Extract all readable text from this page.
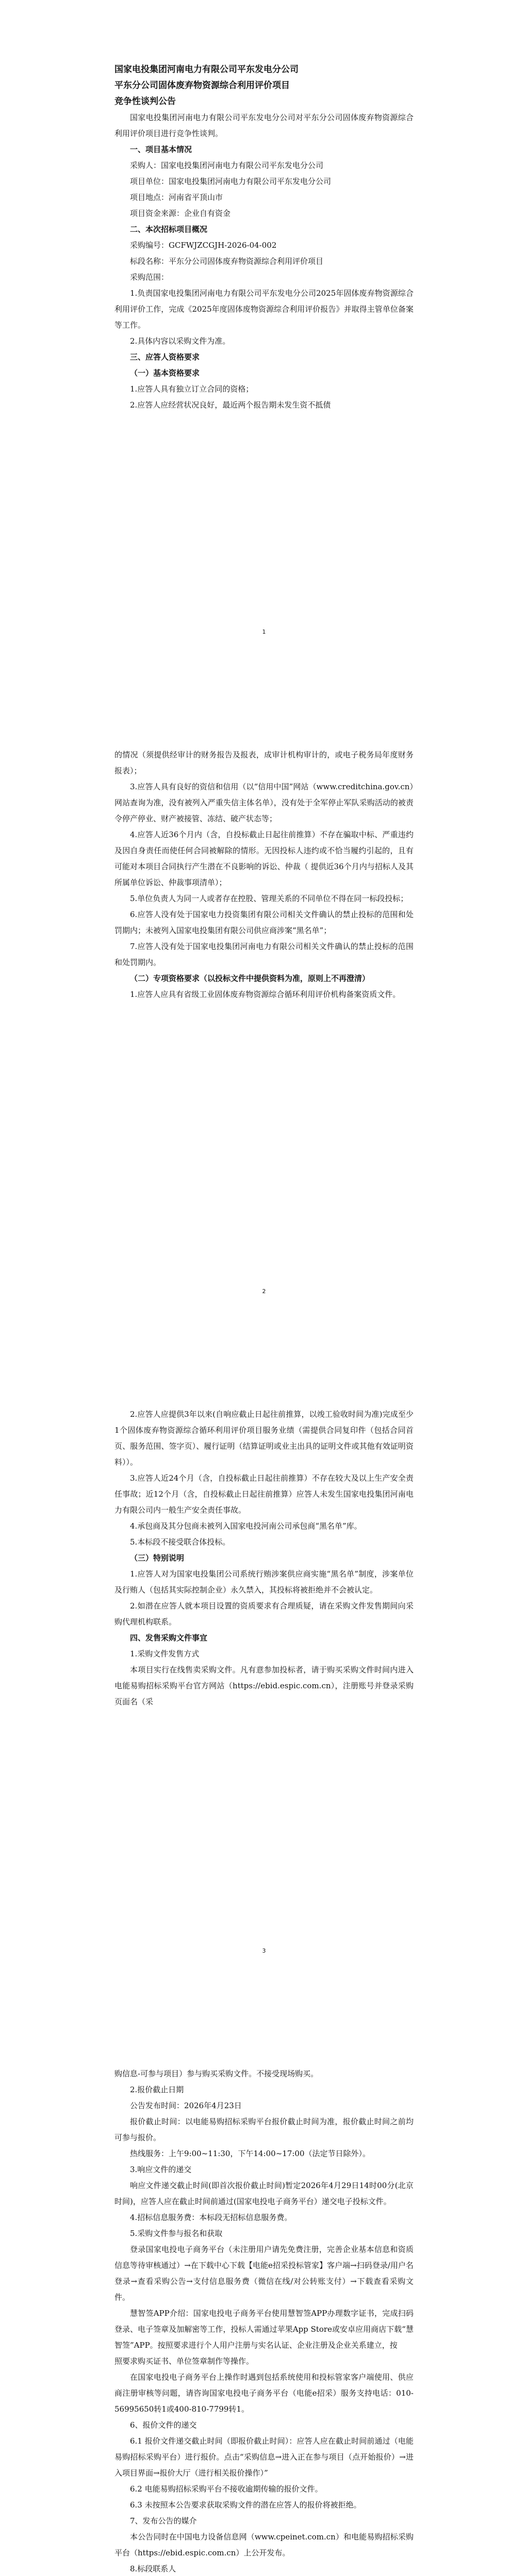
国家电投集团河南电力有限公司平东发电分公司

平东分公司固体废弃物资源综合利用评价项目

竞争性谈判公告

国家电投集团河南电力有限公司平东发电分公司对平东分公司固体废弃物资源综合利用评价项目进行竞争性谈判。

一、项目基本情况

采购人：国家电投集团河南电力有限公司平东发电分公司

项目单位：国家电投集团河南电力有限公司平东发电分公司

项目地点：河南省平顶山市

项目资金来源：企业自有资金

二、本次招标项目概况

采购编号：GCFWJZCGJH-2026-04-002

标段名称：平东分公司固体废弃物资源综合利用评价项目

采购范围：

1.负责国家电投集团河南电力有限公司平东发电分公司2025年固体废弃物资源综合利用评价工作，完成《2025年度固体废物资源综合利用评价报告》并取得主管单位备案等工作。

2.具体内容以采购文件为准。

三、应答人资格要求

（一）基本资格要求

1.应答人具有独立订立合同的资格；

2.应答人应经营状况良好，最近两个报告期未发生资不抵债

1

的情况（须提供经审计的财务报告及报表，成审计机构审计的，或电子税务局年度财务报表）；

3.应答人具有良好的资信和信用（以“信用中国”网站（www.creditchina.gov.cn）网站查询为准，没有被列入严重失信主体名单），没有处于全军停止军队采购活动的被责令停产停业、财产被接管、冻结、破产状态等；

4.应答人近36个月内（含，自投标截止日起往前推算）不存在骗取中标、严重违约及因自身责任而使任何合同被解除的情形。无因投标人违约或不恰当履约引起的，且有可能对本项目合同执行产生潜在不良影响的诉讼、仲裁（ 提供近36个月内与招标人及其所属单位诉讼、仲裁事项清单）；

5.单位负责人为同一人或者存在控股、管理关系的不同单位不得在同一标段投标；

6.应答人没有处于国家电力投资集团有限公司相关文件确认的禁止投标的范围和处罚期内；未被列入国家电投集团有限公司供应商涉案“黑名单”；

7.应答人没有处于国家电投集团河南电力有限公司相关文件确认的禁止投标的范围和处罚期内。

（二）专项资格要求（以投标文件中提供资料为准，原则上不再澄清）

1.应答人应具有省级工业固体废弃物资源综合循环利用评价机构备案资质文件。

2

2.应答人应提供3年以来(自响应截止日起往前推算，以竣工验收时间为准)完成至少1个固体废弃物资源综合循环利用评价项目服务业绩（需提供合同复印件（包括合同首页、服务范围、签字页）、履行证明（结算证明或业主出具的证明文件或其他有效证明资料））。

3.应答人近24个月（含，自投标截止日起往前推算）不存在较大及以上生产安全责任事故；近12个月（含，自投标截止日起往前推算）应答人未发生国家电投集团河南电力有限公司内一般生产安全责任事故。

4.承包商及其分包商未被列入国家电投河南公司承包商“黑名单”库。

5.本标段不接受联合体投标。

（三）特别说明

1.应答人对为国家电投集团公司系统行贿涉案供应商实施“黑名单”制度，涉案单位及行贿人（包括其实际控制企业）永久禁入，其投标将被拒绝并不会被认定。

2.如潜在应答人就本项目设置的资质要求有合理质疑，请在采购文件发售期间向采购代理机构联系。

四、发售采购文件事宜

1.采购文件发售方式

本项目实行在线售卖采购文件。凡有意参加投标者，请于购买采购文件时间内进入电能易购招标采购平台官方网站（https://ebid.espic.com.cn），注册账号并登录采购页面名（采

3

购信息-可参与项目）参与购买采购文件。不接受现场购买。

2.报价截止日期

公告发布时间：2026年4月23日

报价截止时间：以电能易购招标采购平台报价截止时间为准，报价截止时间之前均可参与报价。

热线服务：上午9:00~11:30，下午14:00~17:00（法定节日除外）。

3.响应文件的递交

响应文件递交截止时间(即首次报价截止时间)暂定2026年4月29日14时00分(北京时间)，应答人应在截止时间前通过(国家电投电子商务平台）递交电子投标文件。

4.招标信息服务费：本标段无招标信息服务费。

5.采购文件参与报名和获取

登录国家电投电子商务平台（未注册用户请先免费注册，完善企业基本信息和资质信息等待审核通过）→在下载中心下载【电能e招采投标管家】客户端→扫码登录/用户名登录→查看采购公告→支付信息服务费（微信在线/对公转账支付）→下载查看采购文件。

慧智签APP介绍：国家电投电子商务平台使用慧智签APP办理数字证书，完成扫码登录、电子签章及加解密等工作，投标人需通过苹果App Store或安卓应用商店下载“慧智签”APP。按照要求进行个人用户注册与实名认证、企业注册及企业关系建立，按

照要求购买证书、单位签章制作等操作。

在国家电投电子商务平台上操作时遇到包括系统使用和投标管家客户端使用、供应商注册审核等问题，请咨询国家电投电子商务平台（电能e招采）服务支持电话：010-56995650转1或400-810-7799转1。

6、报价文件的递交

6.1 报价文件递交截止时间（即报价截止时间）：应答人应在截止时间前通过（电能易购招标采购平台）进行报价。点击“采购信息→进入正在参与项目（点开始报价）→进入项目界面→报价大厅（进行相关报价操作）”

6.2 电能易购招标采购平台不接收逾期传输的报价文件。

6.3 未按照本公告要求获取采购文件的潜在应答人的报价将被拒绝。

7、发布公告的媒介

本公告同时在中国电力设备信息网（www.cpeinet.com.cn）和电能易购招标采购平台（https://ebid.espic.com.cn）上公开发布。

8.标段联系人
